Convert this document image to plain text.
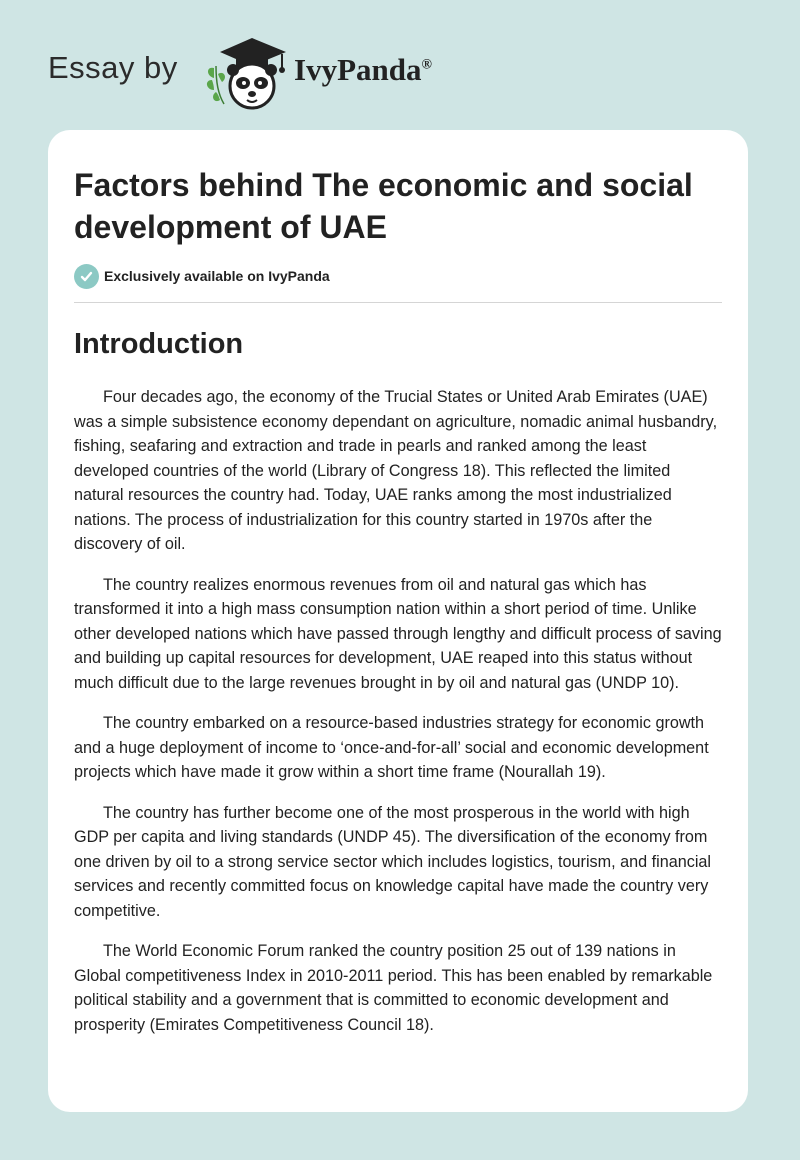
Essay by	IvyPanda®
Factors behind The economic and social development of UAE
Exclusively available on IvyPanda
Introduction

Four decades ago, the economy of the Trucial States or United Arab Emirates (UAE) was a simple subsistence economy dependant on agriculture, nomadic animal husbandry, fishing, seafaring and extraction and trade in pearls and ranked among the least developed countries of the world (Library of Congress 18). This reflected the limited natural resources the country had. Today, UAE ranks among the most industrialized nations. The process of industrialization for this country started in 1970s after the discovery of oil.

The country realizes enormous revenues from oil and natural gas which has transformed it into a high mass consumption nation within a short period of time. Unlike other developed nations which have passed through lengthy and difficult process of saving and building up capital resources for development, UAE reaped into this status without much difficult due to the large revenues brought in by oil and natural gas (UNDP 10).

The country embarked on a resource-based industries strategy for economic growth and a huge deployment of income to ‘once-and-for-all’ social and economic development projects which have made it grow within a short time frame (Nourallah 19).

The country has further become one of the most prosperous in the world with high GDP per capita and living standards (UNDP 45). The diversification of the economy from one driven by oil to a strong service sector which includes logistics, tourism, and financial services and recently committed focus on knowledge capital have made the country very competitive.

The World Economic Forum ranked the country position 25 out of 139 nations in Global competitiveness Index in 2010-2011 period. This has been enabled by remarkable political stability and a government that is committed to economic development and prosperity (Emirates Competitiveness Council 18).
